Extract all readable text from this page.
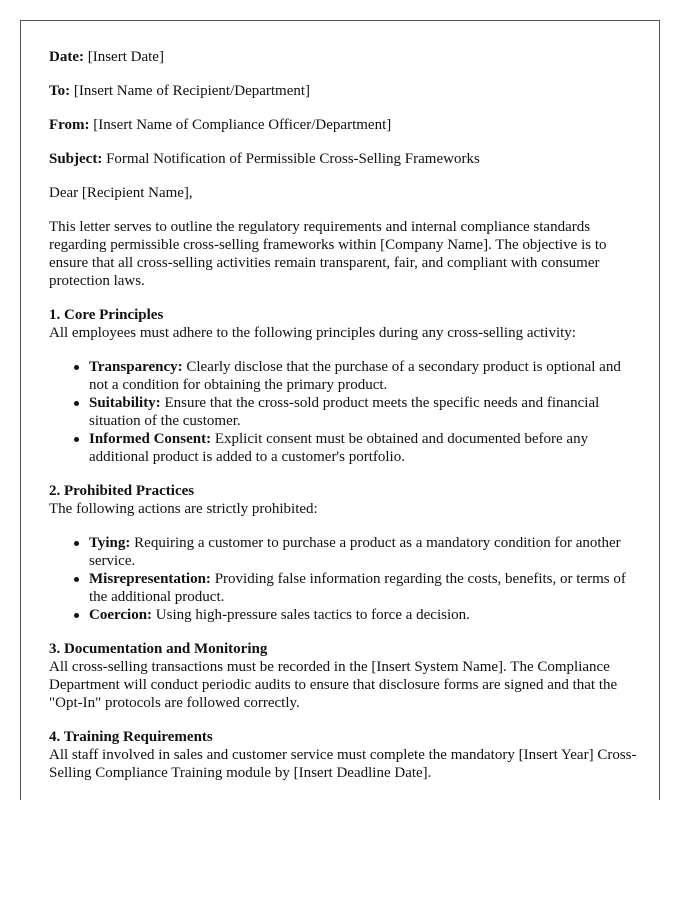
Date: [Insert Date]

To: [Insert Name of Recipient/Department]

From: [Insert Name of Compliance Officer/Department]

Subject: Formal Notification of Permissible Cross-Selling Frameworks

Dear [Recipient Name],

This letter serves to outline the regulatory requirements and internal compliance standards regarding permissible cross-selling frameworks within [Company Name]. The objective is to ensure that all cross-selling activities remain transparent, fair, and compliant with consumer protection laws.

1. Core Principles

All employees must adhere to the following principles during any cross-selling activity:

Transparency: Clearly disclose that the purchase of a secondary product is optional and not a condition for obtaining the primary product.
Suitability: Ensure that the cross-sold product meets the specific needs and financial situation of the customer.
Informed Consent: Explicit consent must be obtained and documented before any additional product is added to a customer's portfolio.

2. Prohibited Practices

The following actions are strictly prohibited:

Tying: Requiring a customer to purchase a product as a mandatory condition for another service.
Misrepresentation: Providing false information regarding the costs, benefits, or terms of the additional product.
Coercion: Using high-pressure sales tactics to force a decision.

3. Documentation and Monitoring

All cross-selling transactions must be recorded in the [Insert System Name]. The Compliance Department will conduct periodic audits to ensure that disclosure forms are signed and that the "Opt-In" protocols are followed correctly.

4. Training Requirements

All staff involved in sales and customer service must complete the mandatory [Insert Year] Cross-Selling Compliance Training module by [Insert Deadline Date].
